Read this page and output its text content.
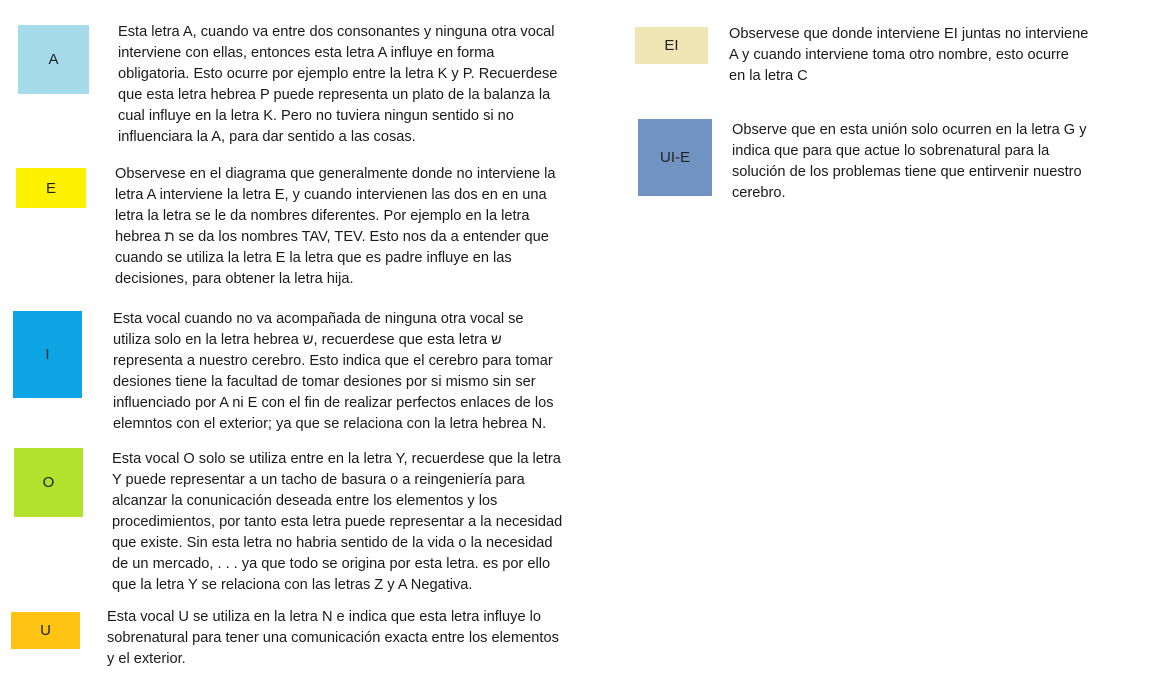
A
Esta letra A, cuando va entre dos consonantes y ninguna otra vocal
interviene con ellas, entonces esta letra A influye en forma
obligatoria. Esto ocurre por ejemplo entre la letra K y P. Recuerdese
que esta letra hebrea P puede representa un plato de la balanza la
cual influye en la letra K. Pero no tuviera ningun sentido si no
influenciara la A, para dar sentido a las cosas.
E
Observese en el diagrama que generalmente donde no interviene la
letra A interviene la letra E, y cuando intervienen las dos en en una
letra la letra se le da nombres diferentes. Por ejemplo en la letra
hebrea ת se da los nombres TAV, TEV. Esto nos da a entender que
cuando se utiliza la letra E la letra que es padre influye en las
decisiones, para obtener la letra hija.
I
Esta vocal cuando no va acompañada de ninguna otra vocal se
utiliza solo en la letra hebrea ש, recuerdese que esta letra ש
representa a nuestro cerebro. Esto indica que el cerebro para tomar
desiones tiene la facultad de tomar desiones por si mismo sin ser
influenciado por A ni E con el fin de realizar perfectos enlaces de los
elemntos con el exterior; ya que se relaciona con la letra hebrea N.
O
Esta vocal O solo se utiliza entre en la letra Y, recuerdese que la letra
Y puede representar a un tacho de basura o a reingeniería para
alcanzar la conunicación deseada entre los elementos y los
procedimientos, por tanto esta letra puede representar a la necesidad
que existe. Sin esta letra no habria sentido de la vida o la necesidad
de un mercado, . . . ya que todo se origina por esta letra. es por ello
que la letra Y se relaciona con las letras Z y A Negativa.
U
Esta vocal U se utiliza en la letra N e indica que esta letra influye lo
sobrenatural para tener una comunicación exacta entre los elementos
y el exterior.
EI
Observese que donde interviene EI juntas no interviene
A y cuando interviene toma otro nombre, esto ocurre
en la letra C
UI-E
Observe que en esta unión solo ocurren en la letra G y
indica que para que actue lo sobrenatural para la
solución de los problemas tiene que entirvenir nuestro
cerebro.
